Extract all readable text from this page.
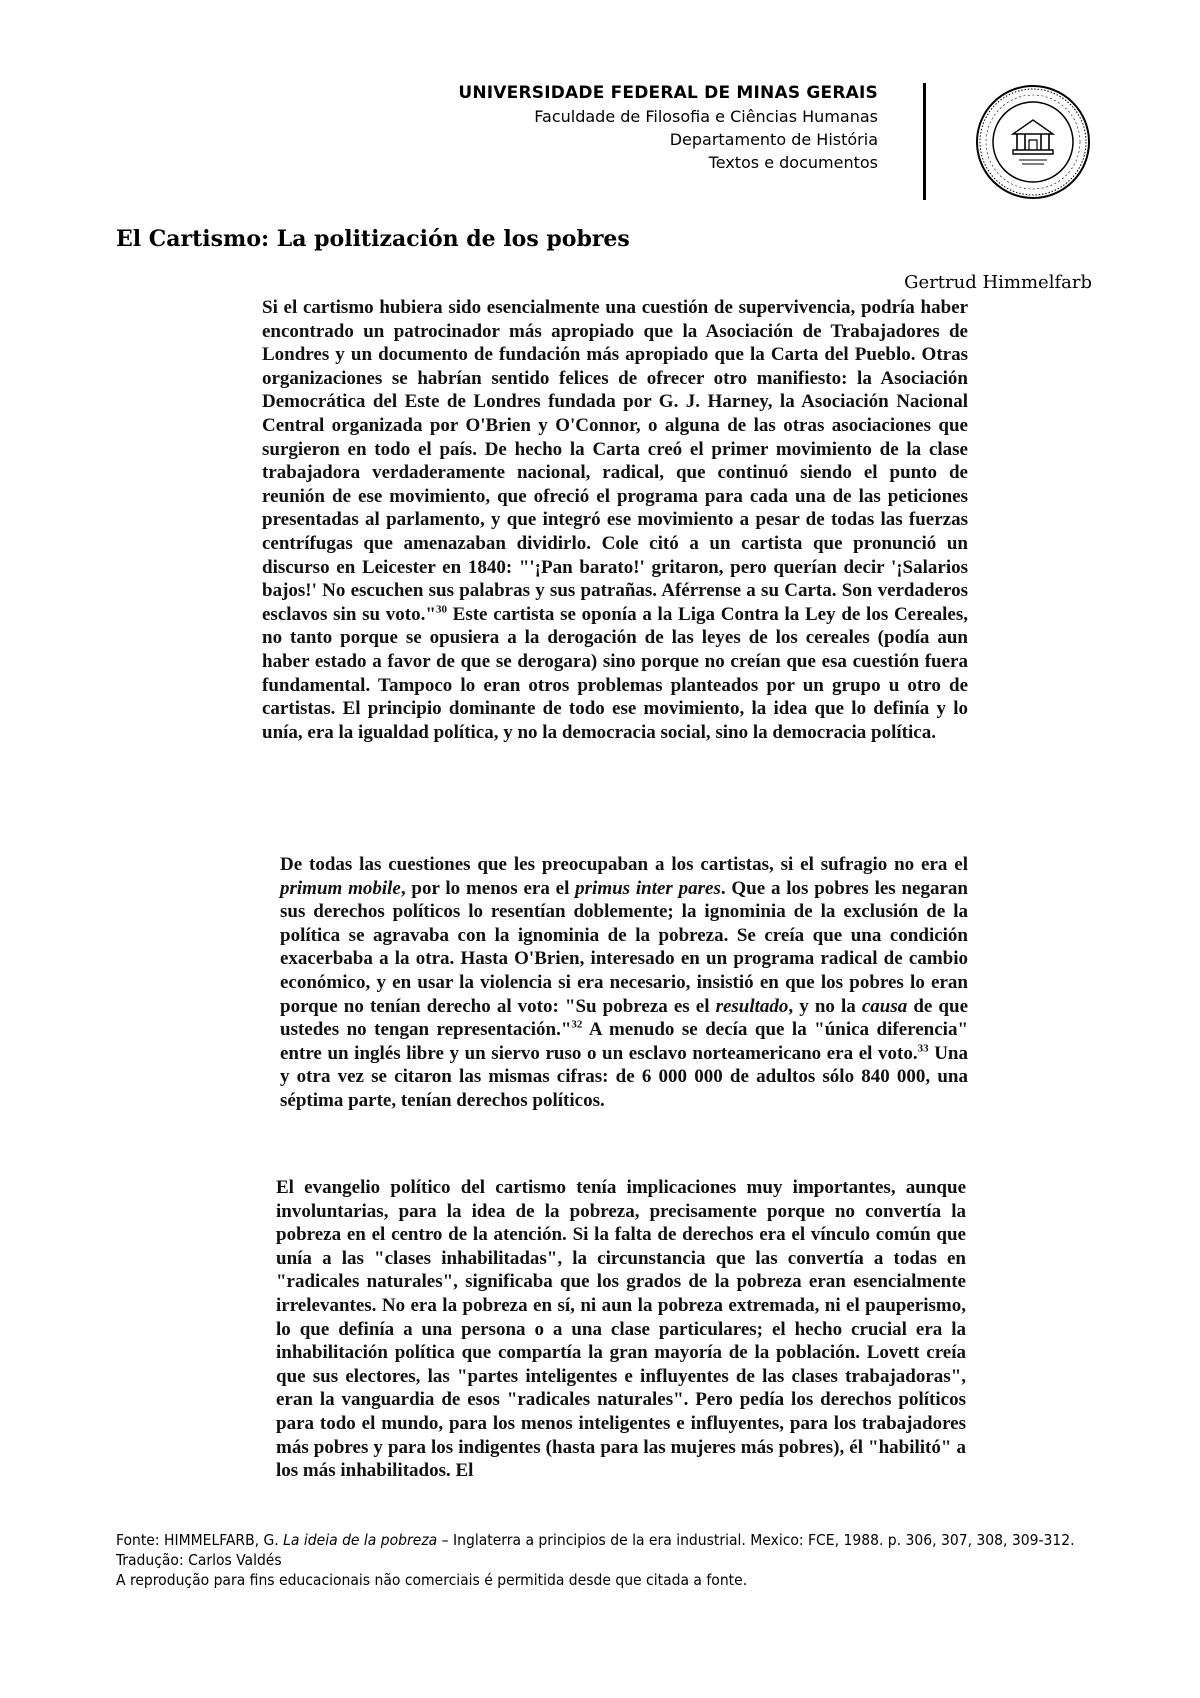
UNIVERSIDADE FEDERAL DE MINAS GERAIS
Faculdade de Filosofia e Ciências Humanas
Departamento de História
Textos e documentos
El Cartismo: La politización de los pobres
Gertrud Himmelfarb

Si el cartismo hubiera sido esencialmente una cuestión de supervivencia, podría haber encontrado un patrocinador más apropiado que la Asociación de Trabajadores de Londres y un documento de fundación más apropiado que la Carta del Pueblo. Otras organizaciones se habrían sentido felices de ofrecer otro manifiesto: la Asociación Democrática del Este de Londres fundada por G. J. Harney, la Asociación Nacional Central organizada por O'Brien y O'Connor, o alguna de las otras asociaciones que surgieron en todo el país. De hecho la Carta creó el primer movimiento de la clase trabajadora verdaderamente nacional, radical, que continuó siendo el punto de reunión de ese movimiento, que ofreció el programa para cada una de las peticiones presentadas al parlamento, y que integró ese movimiento a pesar de todas las fuerzas centrífugas que amenazaban dividirlo. Cole citó a un cartista que pronunció un discurso en Leicester en 1840: "'¡Pan barato!' gritaron, pero querían decir '¡Salarios bajos!' No escuchen sus palabras y sus patrañas. Aférrense a su Carta. Son verdaderos esclavos sin su voto."$^{30}$ Este cartista se oponía a la Liga Contra la Ley de los Cereales, no tanto porque se opusiera a la derogación de las leyes de los cereales (podía aun haber estado a favor de que se derogara) sino porque no creían que esa cuestión fuera fundamental. Tampoco lo eran otros problemas planteados por un grupo u otro de cartistas. El principio dominante de todo ese movimiento, la idea que lo definía y lo unía, era la igualdad política, y no la democracia social, sino la democracia política.

De todas las cuestiones que les preocupaban a los cartistas, si el sufragio no era el primum mobile, por lo menos era el primus inter pares. Que a los pobres les negaran sus derechos políticos lo resentían doblemente; la ignominia de la exclusión de la política se agravaba con la ignominia de la pobreza. Se creía que una condición exacerbaba a la otra. Hasta O'Brien, interesado en un programa radical de cambio económico, y en usar la violencia si era necesario, insistió en que los pobres lo eran porque no tenían derecho al voto: "Su pobreza es el resultado, y no la causa de que ustedes no tengan representación."$^{32}$ A menudo se decía que la "única diferencia" entre un inglés libre y un siervo ruso o un esclavo norteamericano era el voto.$^{33}$ Una y otra vez se citaron las mismas cifras: de 6 000 000 de adultos sólo 840 000, una séptima parte, tenían derechos políticos.

El evangelio político del cartismo tenía implicaciones muy importantes, aunque involuntarias, para la idea de la pobreza, precisamente porque no convertía la pobreza en el centro de la atención. Si la falta de derechos era el vínculo común que unía a las "clases inhabilitadas", la circunstancia que las convertía a todas en "radicales naturales", significaba que los grados de la pobreza eran esencialmente irrelevantes. No era la pobreza en sí, ni aun la pobreza extremada, ni el pauperismo, lo que definía a una persona o a una clase particulares; el hecho crucial era la inhabilitación política que compartía la gran mayoría de la población. Lovett creía que sus electores, las "partes inteligentes e influyentes de las clases trabajadoras", eran la vanguardia de esos "radicales naturales". Pero pedía los derechos políticos para todo el mundo, para los menos inteligentes e influyentes, para los trabajadores más pobres y para los indigentes (hasta para las mujeres más pobres), él "habilitó" a los más inhabilitados. El

Fonte: HIMMELFARB, G. La ideia de la pobreza – Inglaterra a principios de la era industrial. Mexico: FCE, 1988. p. 306, 307, 308, 309-312.

Tradução: Carlos Valdés

A reprodução para fins educacionais não comerciais é permitida desde que citada a fonte.
